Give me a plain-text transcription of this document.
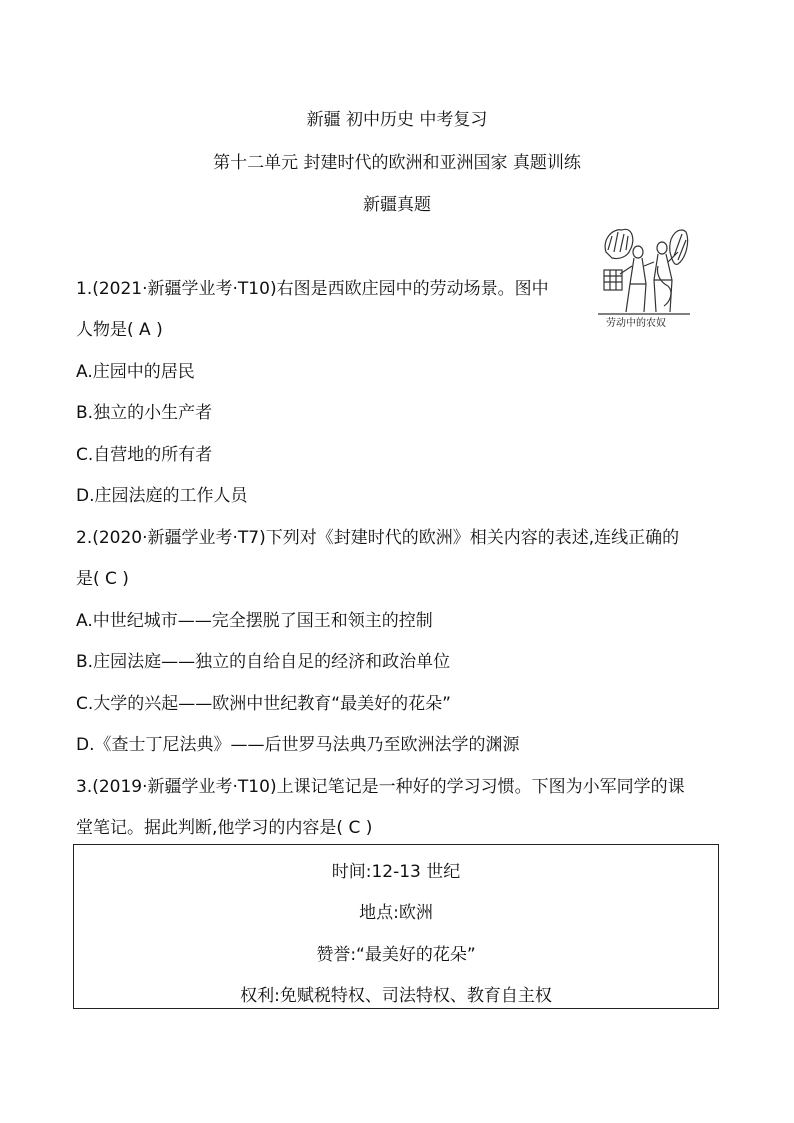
新疆 初中历史 中考复习
第十二单元 封建时代的欧洲和亚洲国家 真题训练
新疆真题
劳动中的农奴
1.(2021·新疆学业考·T10)右图是西欧庄园中的劳动场景。图中
人物是( A )
A.庄园中的居民
B.独立的小生产者
C.自营地的所有者
D.庄园法庭的工作人员
2.(2020·新疆学业考·T7)下列对《封建时代的欧洲》相关内容的表述,连线正确的
是( C )
A.中世纪城市——完全摆脱了国王和领主的控制
B.庄园法庭——独立的自给自足的经济和政治单位
C.大学的兴起——欧洲中世纪教育“最美好的花朵”
D.《查士丁尼法典》——后世罗马法典乃至欧洲法学的渊源
3.(2019·新疆学业考·T10)上课记笔记是一种好的学习习惯。下图为小军同学的课
堂笔记。据此判断,他学习的内容是( C )
时间:12-13 世纪
地点:欧洲
赞誉:“最美好的花朵”
权利:免赋税特权、司法特权、教育自主权
